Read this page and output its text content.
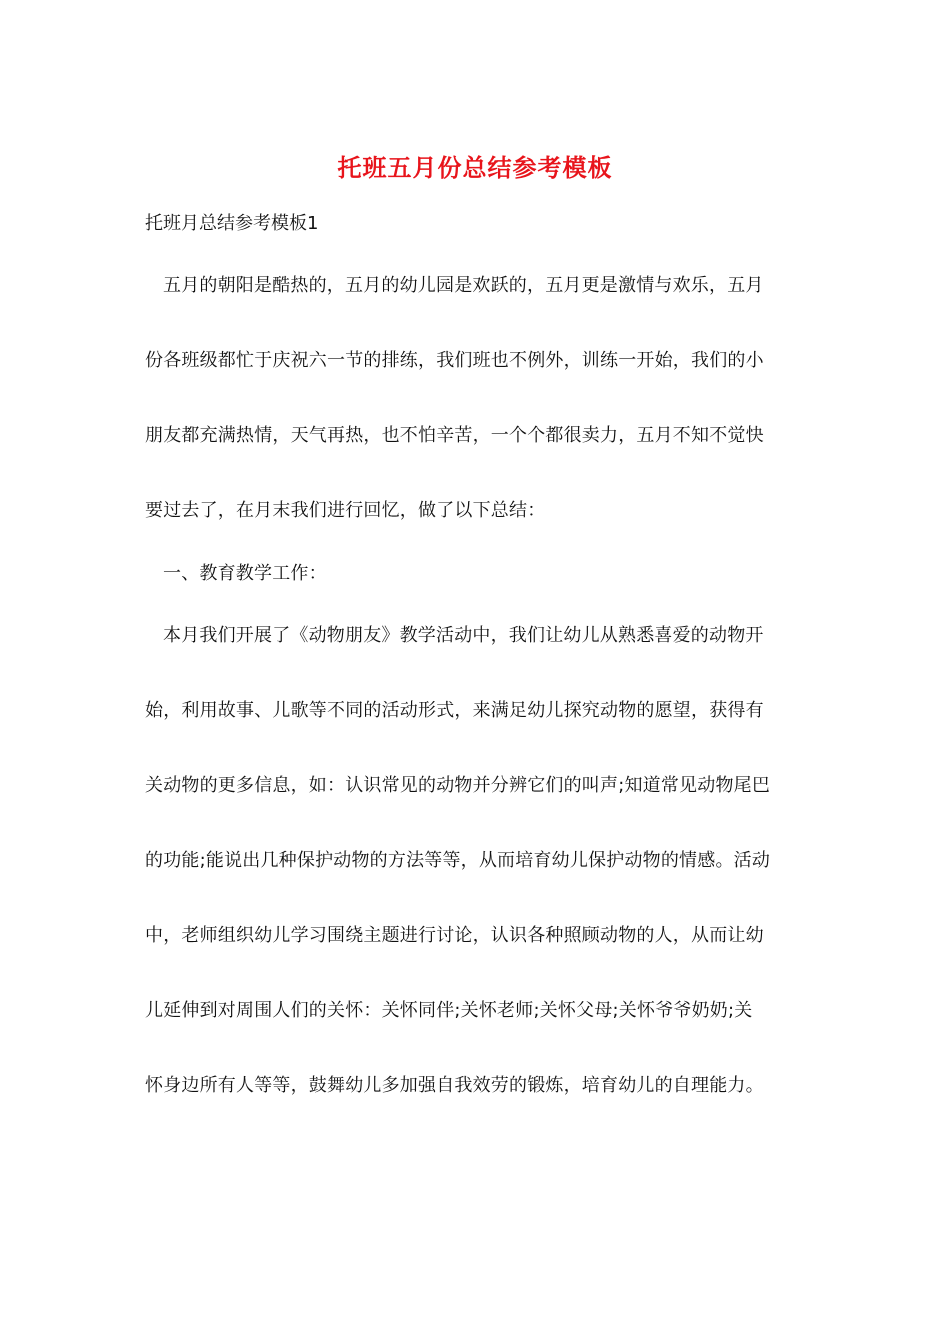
托班五月份总结参考模板
托班月总结参考模板1
五月的朝阳是酷热的，五月的幼儿园是欢跃的，五月更是激情与欢乐，五月
份各班级都忙于庆祝六一节的排练，我们班也不例外，训练一开始，我们的小
朋友都充满热情，天气再热，也不怕辛苦，一个个都很卖力，五月不知不觉快
要过去了，在月末我们进行回忆，做了以下总结：
一、教育教学工作：
本月我们开展了《动物朋友》教学活动中，我们让幼儿从熟悉喜爱的动物开
始，利用故事、儿歌等不同的活动形式，来满足幼儿探究动物的愿望，获得有
关动物的更多信息，如：认识常见的动物并分辨它们的叫声;知道常见动物尾巴
的功能;能说出几种保护动物的方法等等，从而培育幼儿保护动物的情感。活动
中，老师组织幼儿学习围绕主题进行讨论，认识各种照顾动物的人，从而让幼
儿延伸到对周围人们的关怀：关怀同伴;关怀老师;关怀父母;关怀爷爷奶奶;关
怀身边所有人等等，鼓舞幼儿多加强自我效劳的锻炼，培育幼儿的自理能力。
